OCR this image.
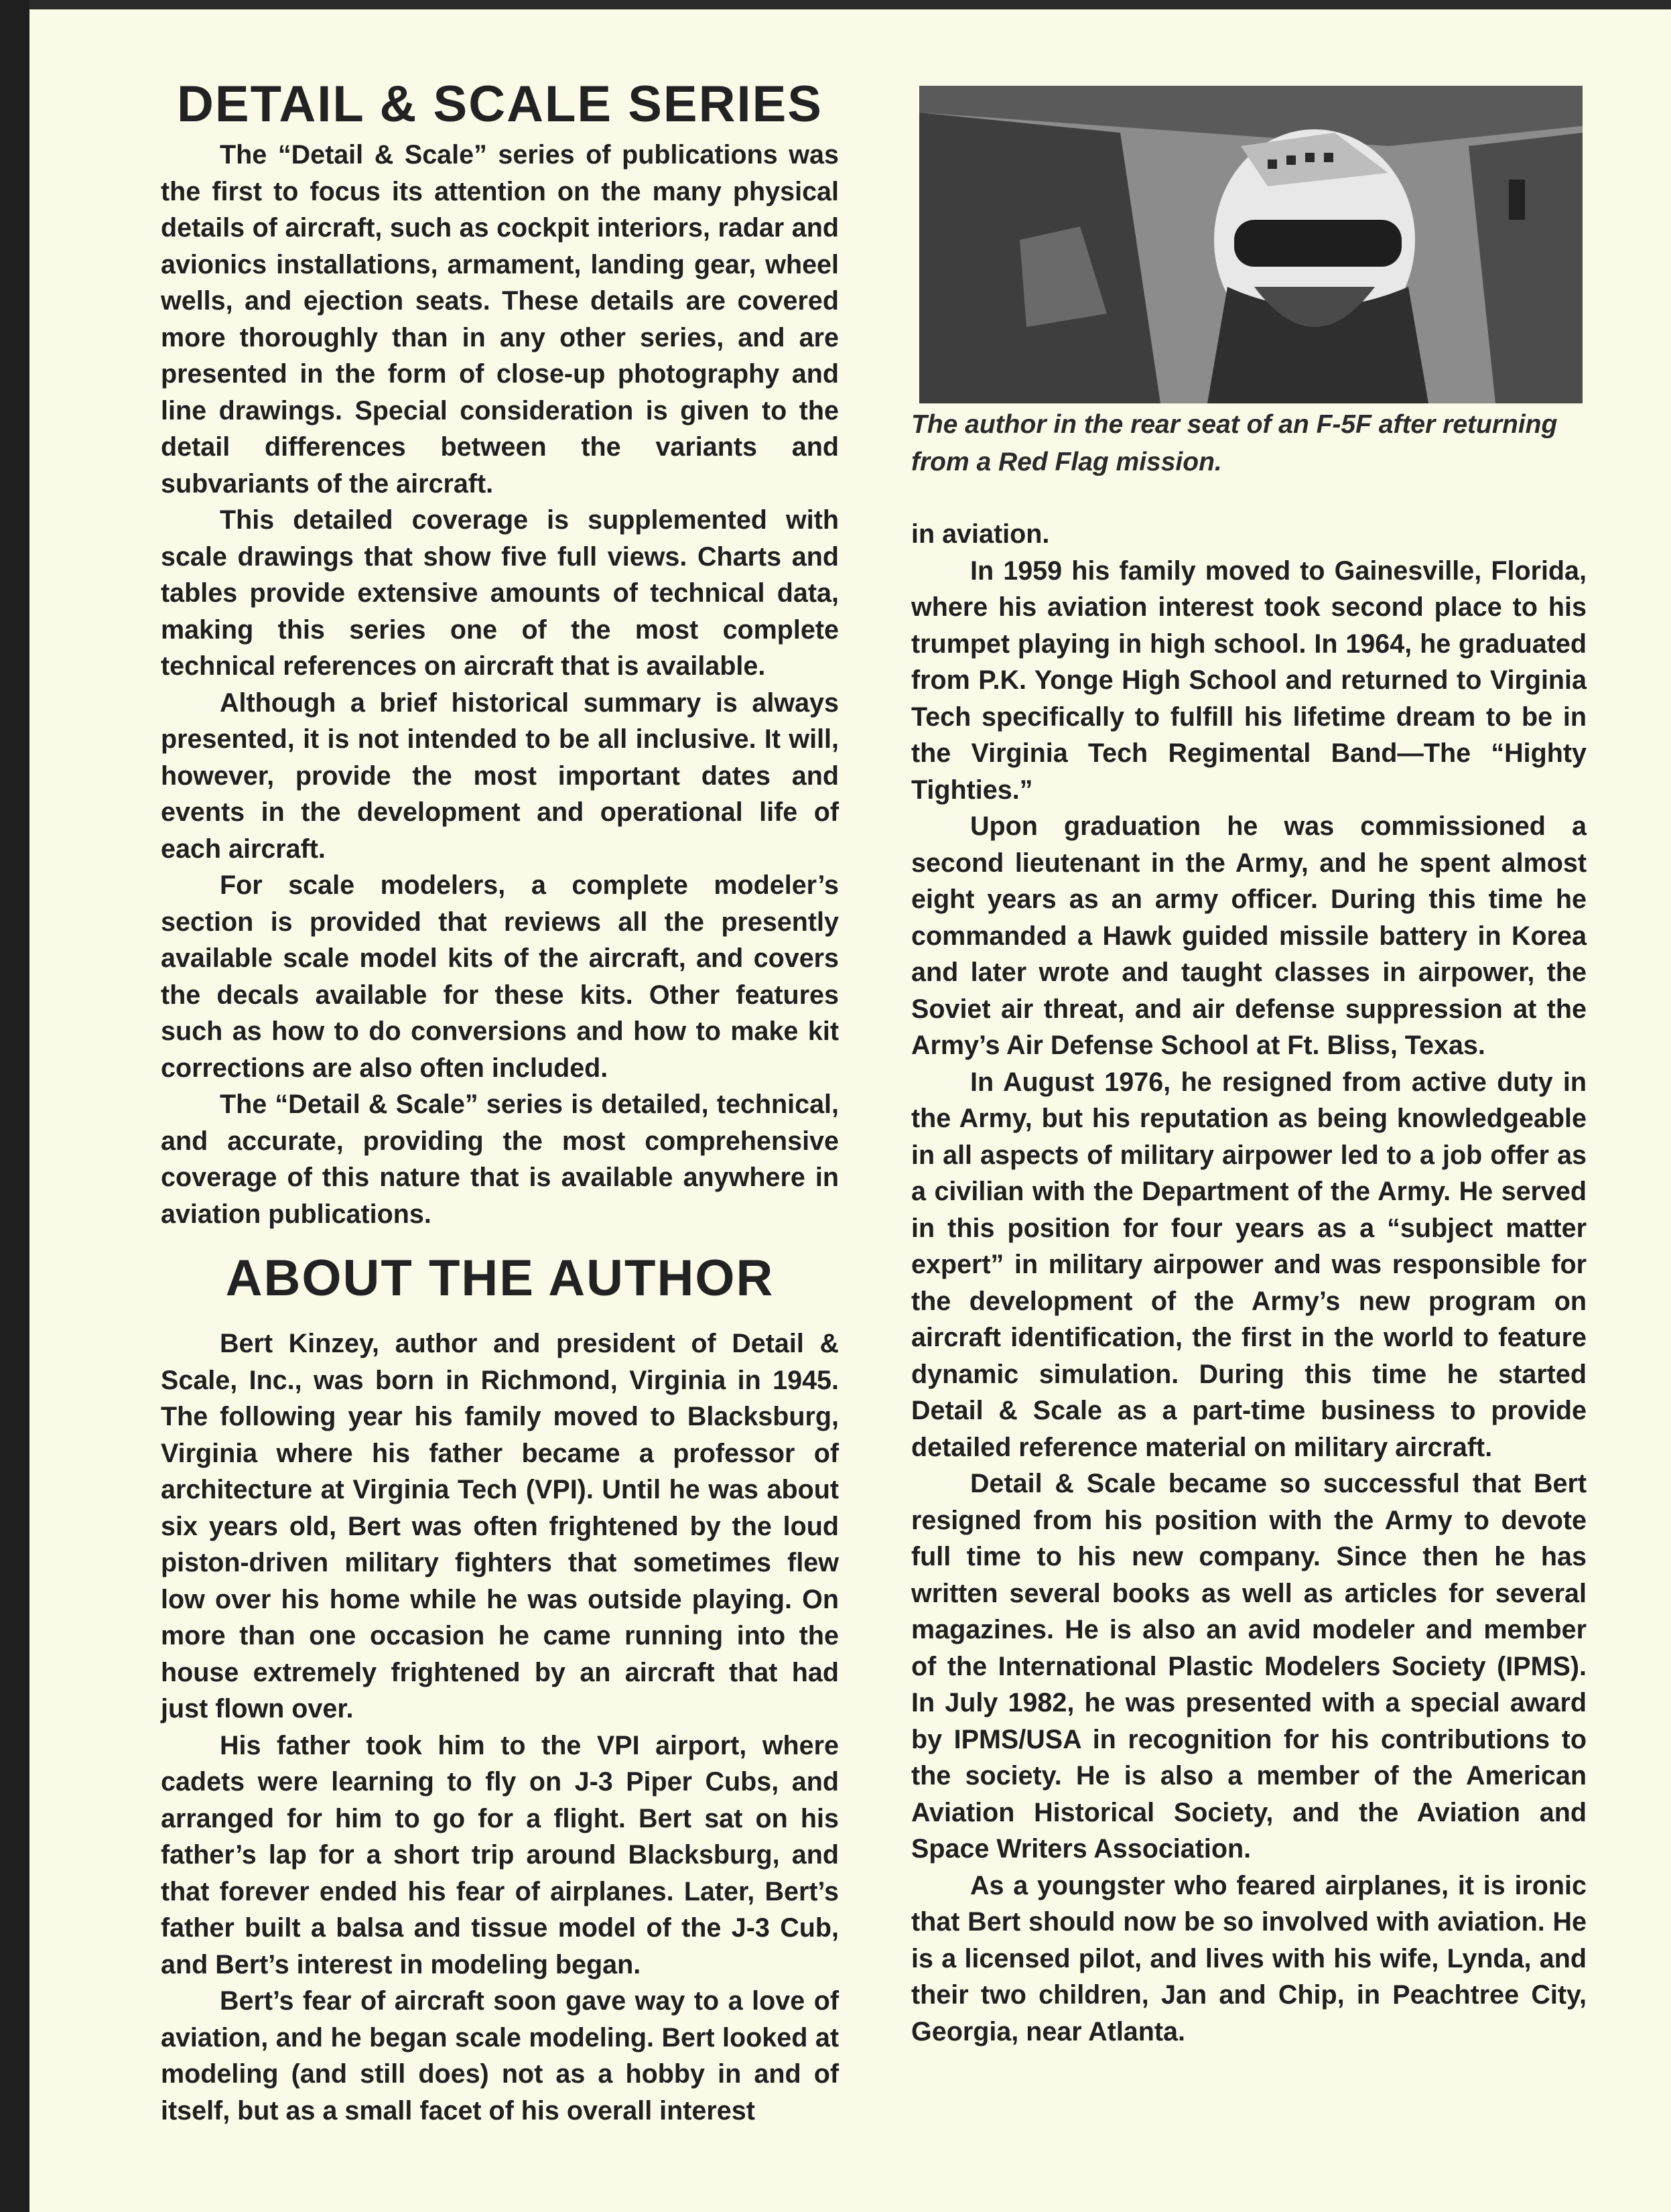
DETAIL & SCALE SERIES

The “Detail & Scale” series of publications was the first to focus its attention on the many physical details of aircraft, such as cockpit interiors, radar and avionics installations, armament, landing gear, wheel wells, and ejection seats. These details are covered more thoroughly than in any other series, and are presented in the form of close-up photography and line drawings. Special consideration is given to the detail differences between the variants and subvariants of the aircraft.

This detailed coverage is supplemented with scale drawings that show five full views. Charts and tables provide extensive amounts of technical data, making this series one of the most complete technical references on aircraft that is available.

Although a brief historical summary is always presented, it is not intended to be all inclusive. It will, however, provide the most important dates and events in the development and operational life of each aircraft.

For scale modelers, a complete modeler’s section is provided that reviews all the presently available scale model kits of the aircraft, and covers the decals available for these kits. Other features such as how to do conversions and how to make kit corrections are also often included.

The “Detail & Scale” series is detailed, technical, and accurate, providing the most comprehensive coverage of this nature that is available anywhere in aviation publications.

ABOUT THE AUTHOR

Bert Kinzey, author and president of Detail & Scale, Inc., was born in Richmond, Virginia in 1945. The following year his family moved to Blacksburg, Virginia where his father became a professor of architecture at Virginia Tech (VPI). Until he was about six years old, Bert was often frightened by the loud piston-driven military fighters that sometimes flew low over his home while he was outside playing. On more than one occasion he came running into the house extremely frightened by an aircraft that had just flown over.

His father took him to the VPI airport, where cadets were learning to fly on J-3 Piper Cubs, and arranged for him to go for a flight. Bert sat on his father’s lap for a short trip around Blacksburg, and that forever ended his fear of airplanes. Later, Bert’s father built a balsa and tissue model of the J-3 Cub, and Bert’s interest in modeling began.

Bert’s fear of aircraft soon gave way to a love of aviation, and he began scale modeling. Bert looked at modeling (and still does) not as a hobby in and of itself, but as a small facet of his overall interest

The author in the rear seat of an F-5F after returning
from a Red Flag mission.

in aviation.

In 1959 his family moved to Gainesville, Florida, where his aviation interest took second place to his trumpet playing in high school. In 1964, he graduated from P.K. Yonge High School and returned to Virginia Tech specifically to fulfill his lifetime dream to be in the Virginia Tech Regimental Band—The “Highty Tighties.”

Upon graduation he was commissioned a second lieutenant in the Army, and he spent almost eight years as an army officer. During this time he commanded a Hawk guided missile battery in Korea and later wrote and taught classes in airpower, the Soviet air threat, and air defense suppression at the Army’s Air Defense School at Ft. Bliss, Texas.

In August 1976, he resigned from active duty in the Army, but his reputation as being knowledgeable in all aspects of military airpower led to a job offer as a civilian with the Department of the Army. He served in this position for four years as a “subject matter expert” in military airpower and was responsible for the development of the Army’s new program on aircraft identification, the first in the world to feature dynamic simulation. During this time he started Detail & Scale as a part-time business to provide detailed reference material on military aircraft.

Detail & Scale became so successful that Bert resigned from his position with the Army to devote full time to his new company. Since then he has written several books as well as articles for several magazines. He is also an avid modeler and member of the International Plastic Modelers Society (IPMS). In July 1982, he was presented with a special award by IPMS/USA in recognition for his contributions to the society. He is also a member of the American Aviation Historical Society, and the Aviation and Space Writers Association.

As a youngster who feared airplanes, it is ironic that Bert should now be so involved with aviation. He is a licensed pilot, and lives with his wife, Lynda, and their two children, Jan and Chip, in Peachtree City, Georgia, near Atlanta.
